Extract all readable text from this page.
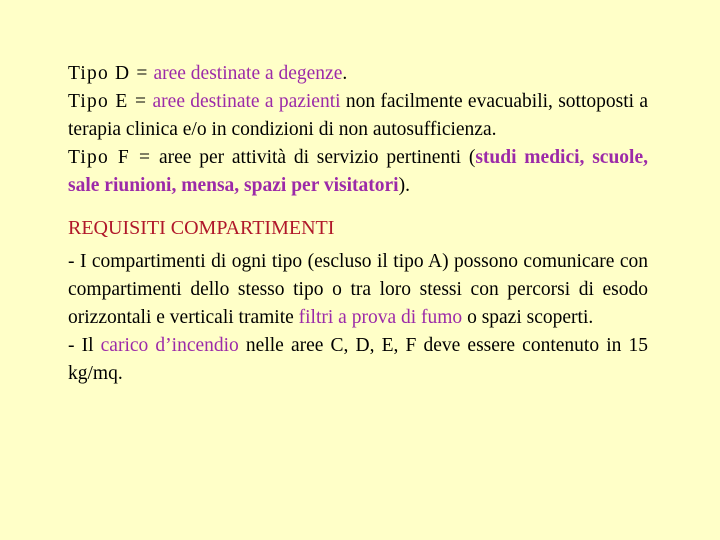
Tipo D = aree destinate a degenze.

Tipo E = aree destinate a pazienti non facilmente evacuabili, sottoposti a terapia clinica e/o in condizioni di non autosufficienza.

Tipo F = aree per attività di servizio pertinenti (studi medici, scuole, sale riunioni, mensa, spazi per visitatori).

REQUISITI COMPARTIMENTI

- I compartimenti di ogni tipo (escluso il tipo A) possono comunicare con compartimenti dello stesso tipo o tra loro stessi con percorsi di esodo orizzontali e verticali tramite filtri a prova di fumo o spazi scoperti.

- Il carico d’incendio nelle aree C, D, E, F deve essere contenuto in 15 kg/mq.
